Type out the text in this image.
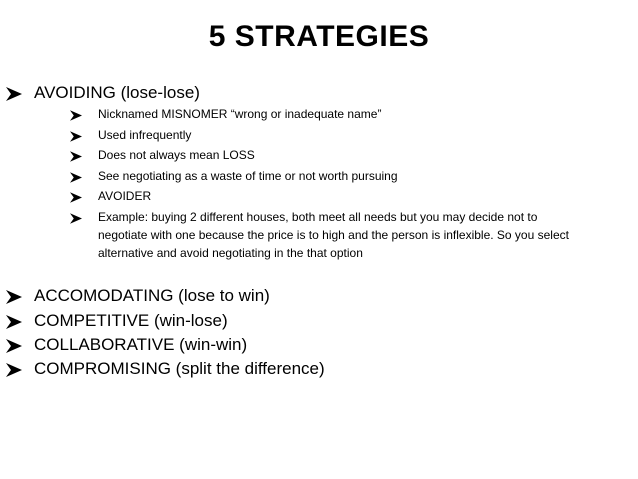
5 STRATEGIES
AVOIDING (lose-lose)
Nicknamed MISNOMER “wrong or inadequate name”
Used infrequently
Does not always mean LOSS
See negotiating as a waste of time or not worth pursuing
AVOIDER
Example: buying 2 different houses, both meet all needs but you may decide not to negotiate with one because the price is to high and the person is inflexible. So you select alternative and avoid negotiating in the that option
ACCOMODATING (lose to win)
COMPETITIVE (win-lose)
COLLABORATIVE (win-win)
COMPROMISING (split the difference)
